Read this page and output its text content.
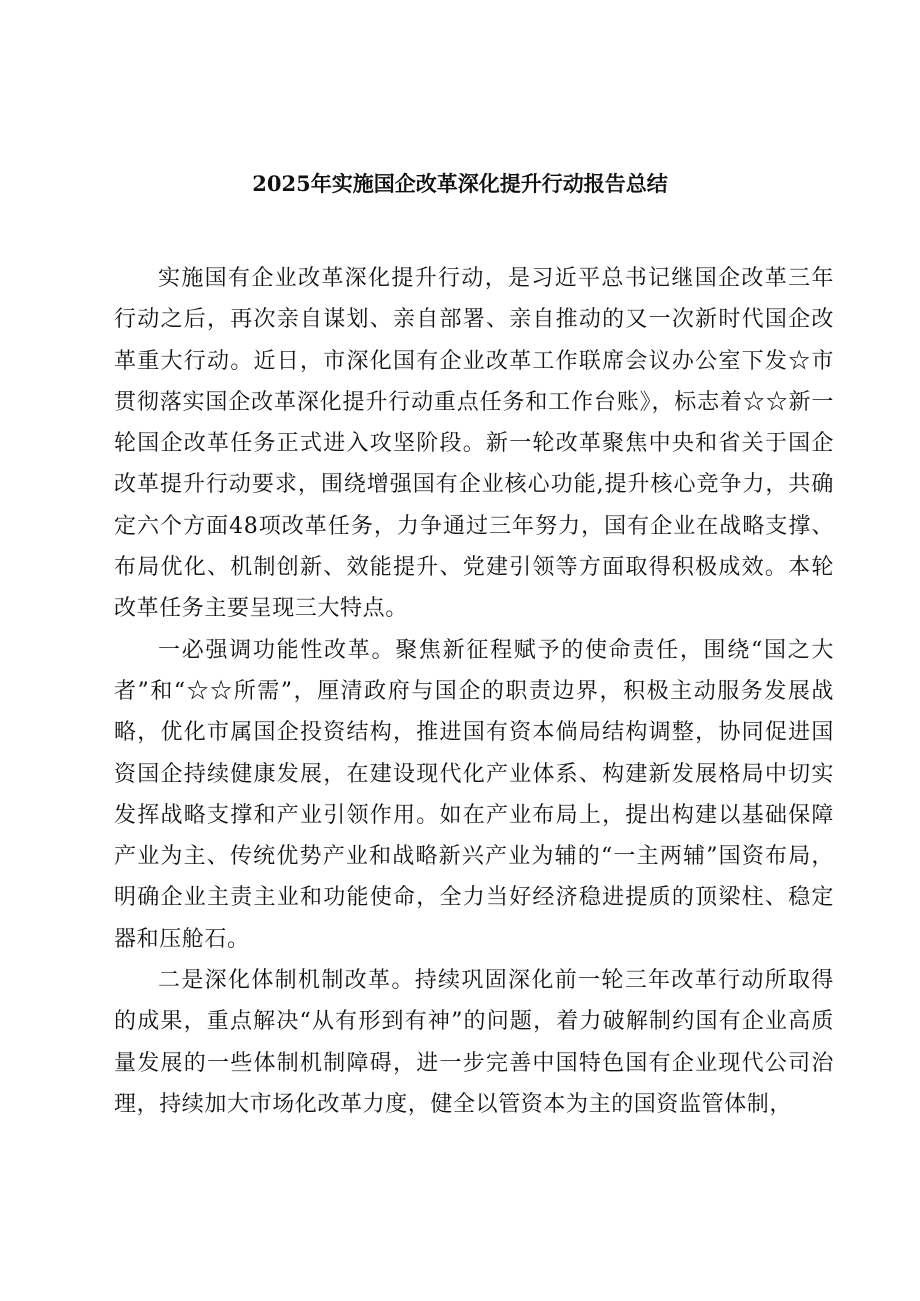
2025年实施国企改革深化提升行动报告总结

实施国有企业改革深化提升行动，是习近平总书记继国企改革三年行动之后，再次亲自谋划、亲自部署、亲自推动的又一次新时代国企改革重大行动。近日，市深化国有企业改革工作联席会议办公室下发☆市贯彻落实国企改革深化提升行动重点任务和工作台账》，标志着☆☆新一轮国企改革任务正式进入攻坚阶段。新一轮改革聚焦中央和省关于国企改革提升行动要求，围绕增强国有企业核心功能,提升核心竞争力，共确定六个方面48项改革任务，力争通过三年努力，国有企业在战略支撑、布局优化、机制创新、效能提升、党建引领等方面取得积极成效。本轮改革任务主要呈现三大特点。

一必强调功能性改革。聚焦新征程赋予的使命责任，围绕“国之大者”和“☆☆所需”，厘清政府与国企的职责边界，积极主动服务发展战略，优化市属国企投资结构，推进国有资本倘局结构调整，协同促进国资国企持续健康发展，在建设现代化产业体系、构建新发展格局中切实发挥战略支撑和产业引领作用。如在产业布局上，提出构建以基础保障产业为主、传统优势产业和战略新兴产业为辅的“一主两辅”国资布局，明确企业主责主业和功能使命，全力当好经济稳进提质的顶梁柱、稳定器和压舱石。

二是深化体制机制改革。持续巩固深化前一轮三年改革行动所取得的成果，重点解决“从有形到有神”的问题，着力破解制约国有企业高质量发展的一些体制机制障碍，进一步完善中国特色国有企业现代公司治理，持续加大市场化改革力度，健全以管资本为主的国资监管体制，
